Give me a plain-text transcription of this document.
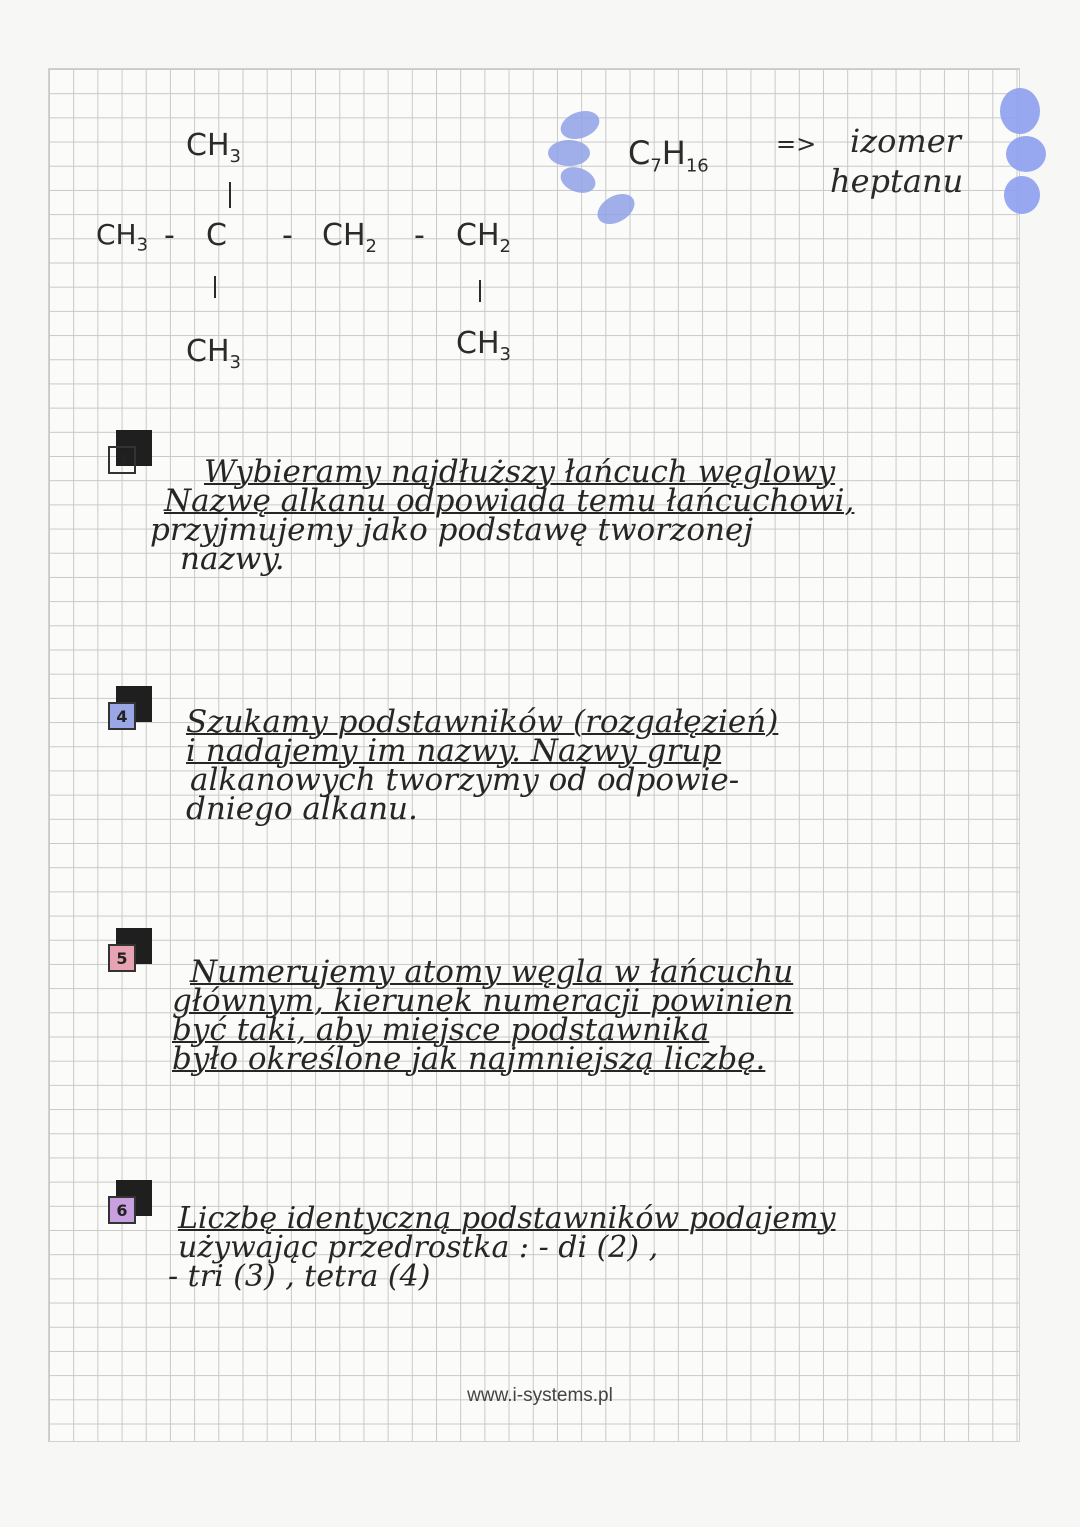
$CH_3$
$CH_3$ - C - $CH_2 - CH_2$
$CH_3$
$CH_3$
$C_7H_{16}$
=> izomer
heptanu
3 Wybieramy najdłuższy łańcuch węglowy
Nazwę alkanu odpowiada temu łańcuchowi,
przyjmujemy jako podstawę tworzonej
nazwy.
4 Szukamy podstawników (rozgałęzień)
i nadajemy im nazwy. Nazwy grup
alkanowych tworzymy od odpowie-
dniego alkanu.
5 Numerujemy atomy węgla w łańcuchu
głównym, kierunek numeracji powinien
być taki, aby miejsce podstawnika
było określone jak najmniejszą liczbę.
6 Liczbę identyczną podstawników podajemy
używając przedrostka : - di (2) ,
- tri (3) , tetra (4)
www.i-systems.pl
